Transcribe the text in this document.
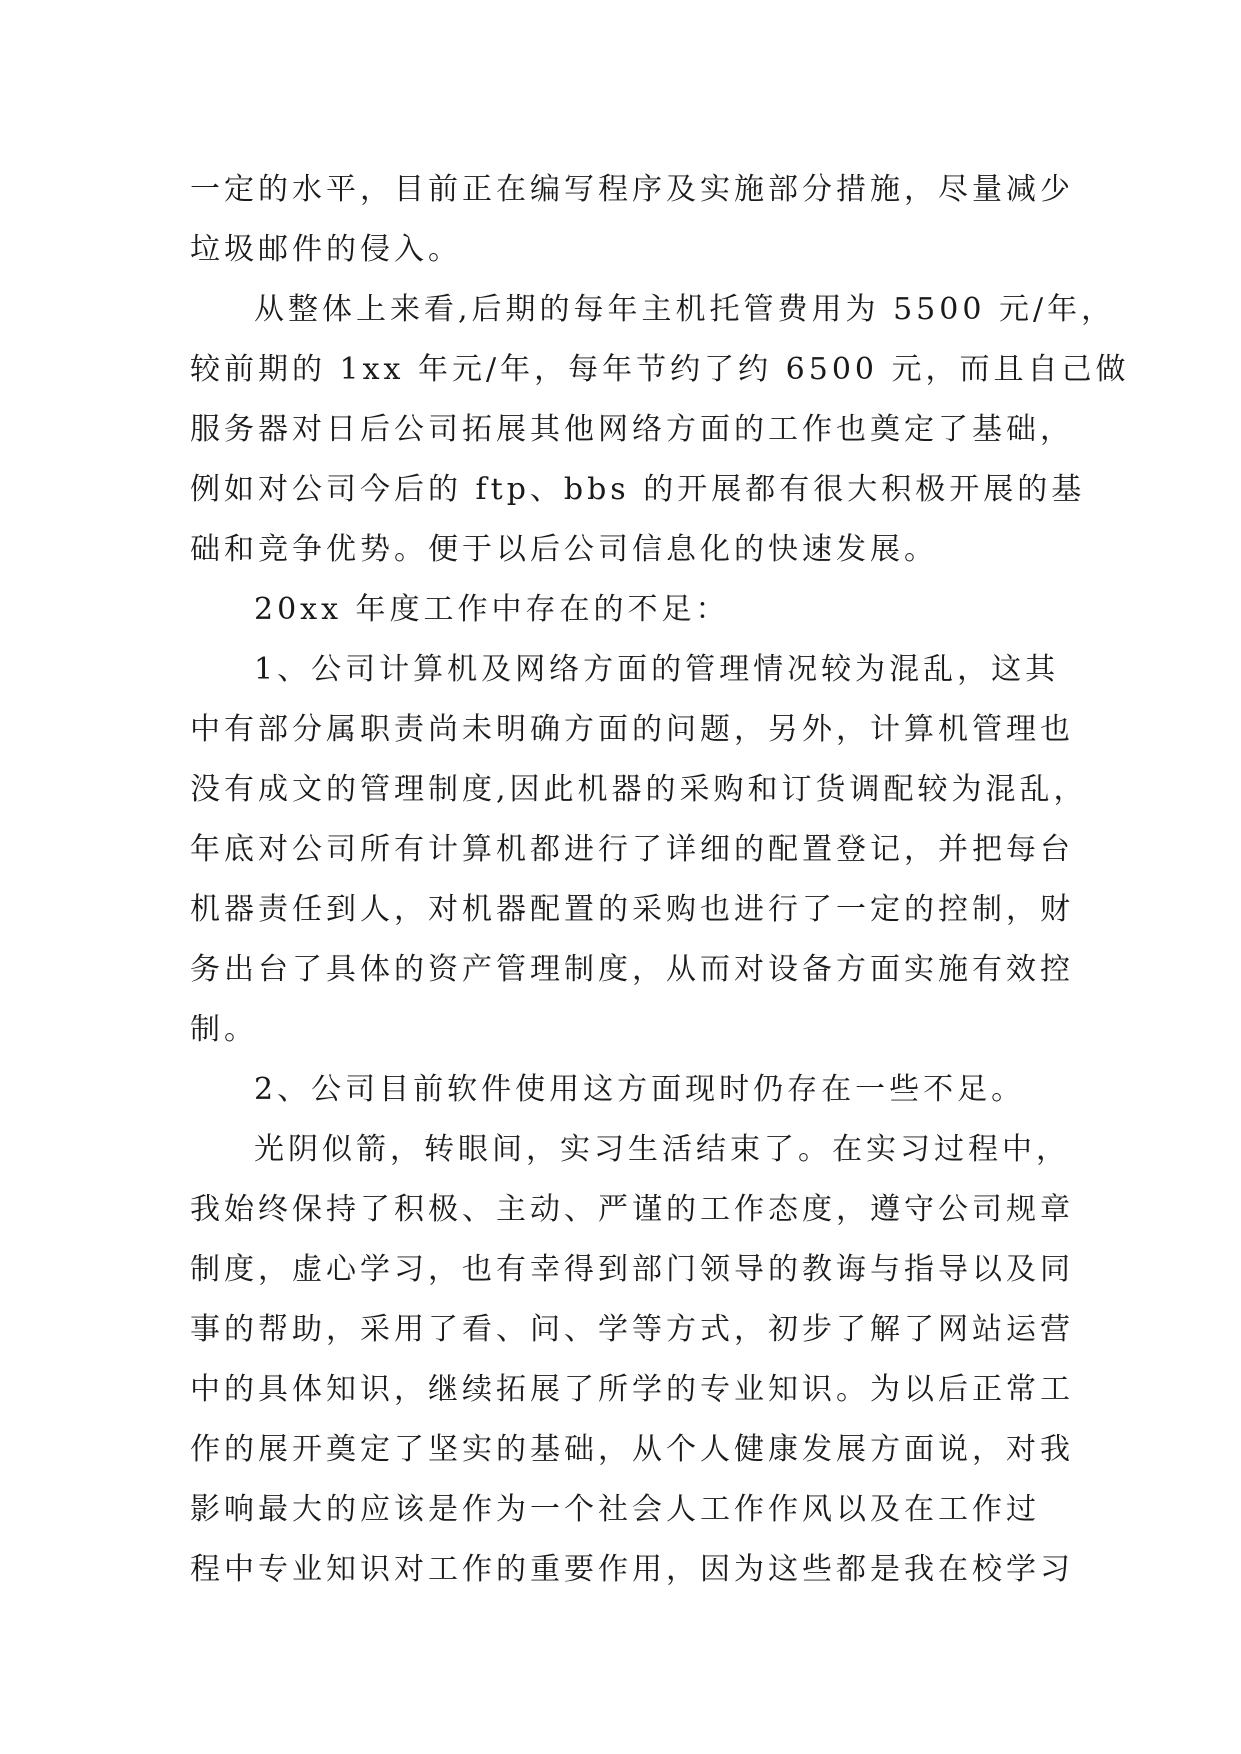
一定的水平，目前正在编写程序及实施部分措施，尽量减少
垃圾邮件的侵入。
从整体上来看,后期的每年主机托管费用为 5500 元/年，
较前期的 1xx 年元/年，每年节约了约 6500 元，而且自己做
服务器对日后公司拓展其他网络方面的工作也奠定了基础，
例如对公司今后的 ftp、bbs 的开展都有很大积极开展的基
础和竞争优势。便于以后公司信息化的快速发展。
20xx 年度工作中存在的不足：
1、公司计算机及网络方面的管理情况较为混乱，这其
中有部分属职责尚未明确方面的问题，另外，计算机管理也
没有成文的管理制度,因此机器的采购和订货调配较为混乱，
年底对公司所有计算机都进行了详细的配置登记，并把每台
机器责任到人，对机器配置的采购也进行了一定的控制，财
务出台了具体的资产管理制度，从而对设备方面实施有效控
制。
2、公司目前软件使用这方面现时仍存在一些不足。
光阴似箭，转眼间，实习生活结束了。在实习过程中，
我始终保持了积极、主动、严谨的工作态度，遵守公司规章
制度，虚心学习，也有幸得到部门领导的教诲与指导以及同
事的帮助，采用了看、问、学等方式，初步了解了网站运营
中的具体知识，继续拓展了所学的专业知识。为以后正常工
作的展开奠定了坚实的基础，从个人健康发展方面说，对我
影响最大的应该是作为一个社会人工作作风以及在工作过
程中专业知识对工作的重要作用，因为这些都是我在校学习
